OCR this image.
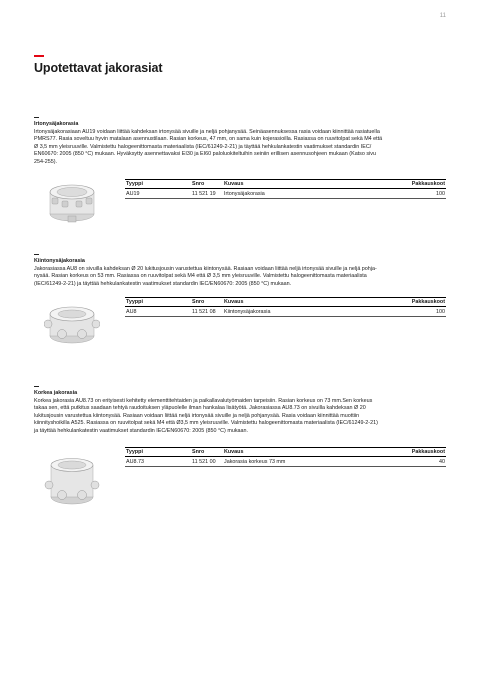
11
Upotettavat jakorasiat
Irtonysäjakorasia
Irtonysäjakorasiaan AU19 voidaan liittää kahdeksan irtonysää sivuille ja neljä pohjanysää. Seinäasennuksessa rasia voidaan kiinnittää rasiatuella
PMRS77. Rasia soveltuu hyvin matalaan asennustilaan. Rasian korkeus, 47 mm, on sama kuin kojerasioilla. Rasiassa on ruuvitolpat sekä M4 että
Ø 3,5 mm yleisruuville. Valmistettu halogeenittomasta materiaalista (IEC/61249-2-21) ja täyttää hehkulankatestin vaatimukset standardin IEC/
EN60670: 2005 (850 °C) mukaan. Hyväksytty asennettavaksi EI30 ja EI60 paloluokiteltuihin seiniin erillisen asennusohjeen mukaan (Katso sivu
254-255).
Tyyppi	Snro	Kuvaus	Pakkauskoot
AU19	11 521 19	Irtonysäjakorasia	100
Kiintonysäjakorasia
Jakorasiassa AU8 on sivuilla kahdeksan Ø 20 lukitusjousin varustettua kiintonysää. Rasiaan voidaan liittää neljä irtonysää sivuille ja neljä pohja-
nysää. Rasian korkeus on 53 mm. Rasiassa on ruuvitolpat sekä M4 että Ø 3,5 mm yleisruuville. Valmistettu halogeenittomasta materiaalista
(IEC/61249-2-21) ja täyttää hehkulankatestin vaatimukset standardin IEC/EN60670: 2005 (850 °C) mukaan.
Tyyppi	Snro	Kuvaus	Pakkauskoot
AU8	11 521 08	Kiintonysäjakorasia	100
Korkea jakorasia
Korkea jakorasia AU8.73 on erityisesti kehitetty elementtitehtaiden ja paikallavalutyömaiden tarpeisiin. Rasian korkeus on 73 mm.Sen korkeus
takaa sen, että putkitus saadaan tehtyä raudoituksen yläpuolelle ilman hankalaa lisätyötä. Jakorasiassa AU8.73 on sivuilla kahdeksan Ø 20
lukitusjousin varustettua kiintonysää. Rasiaan voidaan liittää neljä irtonysää sivuille ja neljä pohjanysää. Rasia voidaan kiinnittää muottiin
kiinnityshoikilla A525. Rasiassa on ruuvitolpat sekä M4 että Ø3,5 mm yleisruuville. Valmistettu halogeenittomasta materiaalista (IEC/61249-2-21)
ja täyttää hehkulankatestin vaatimukset standardin IEC/EN60670: 2005 (850 °C) mukaan.
Tyyppi	Snro	Kuvaus	Pakkauskoot
AU8.73	11 521 00	Jakorasia korkeus 73 mm	40
